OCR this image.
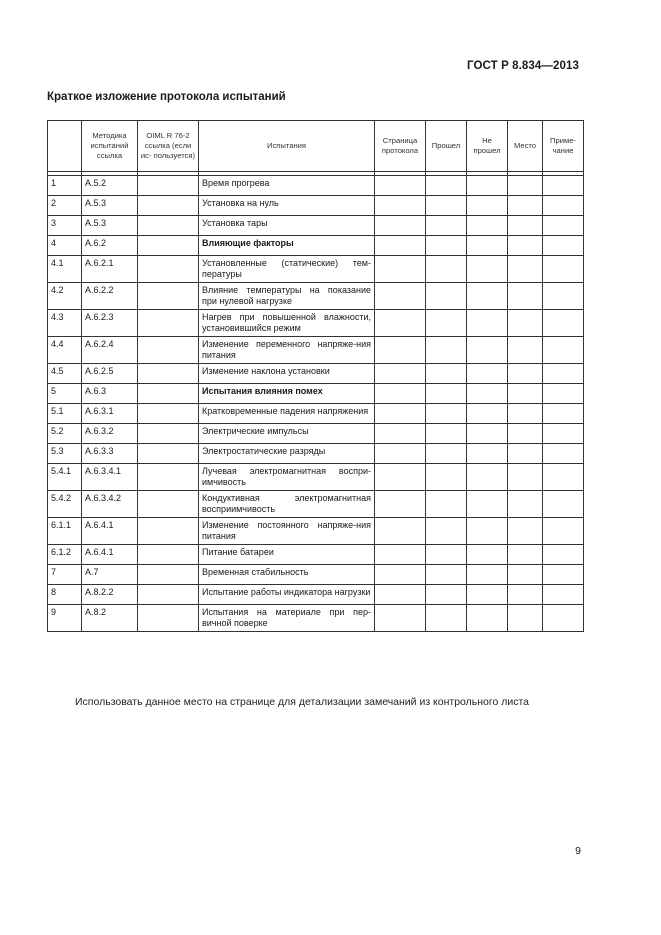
ГОСТ Р 8.834—2013
Краткое изложение протокола испытаний
	Методика испытаний ссылка	OIML R 76-2 ссылка (если ис- пользуется)	Испытания	Страница протокола	Прошел	Не прошел	Место	Приме- чание

1	A.5.2		Время прогрева					
2	A.5.3		Установка на нуль					
3	A.5.3		Установка тары					
4	A.6.2		Влияющие факторы					
4.1	A.6.2.1		Установленные (статические) тем-пературы					
4.2	A.6.2.2		Влияние температуры на показание при нулевой нагрузке					
4.3	A.6.2.3		Нагрев при повышенной влажности, установившийся режим					
4.4	A.6.2.4		Изменение переменного напряже-ния питания					
4.5	A.6.2.5		Изменение наклона установки					
5	A.6.3		Испытания влияния помех					
5.1	A.6.3.1		Кратковременные падения напряжения					
5.2	A.6.3.2		Электрические импульсы					
5.3	A.6.3.3		Электростатические разряды					
5.4.1	A.6.3.4.1		Лучевая электромагнитная воспри-имчивость					
5.4.2	A.6.3.4.2		Кондуктивная электромагнитная восприимчивость					
6.1.1	A.6.4.1		Изменение постоянного напряже-ния питания					
6.1.2	A.6.4.1		Питание батареи					
7	A.7		Временная стабильность					
8	A.8.2.2		Испытание работы индикатора нагрузки					
9	A.8.2		Испытания на материале при пер-вичной поверке					
Использовать данное место на странице для детализации замечаний из контрольного листа
9
